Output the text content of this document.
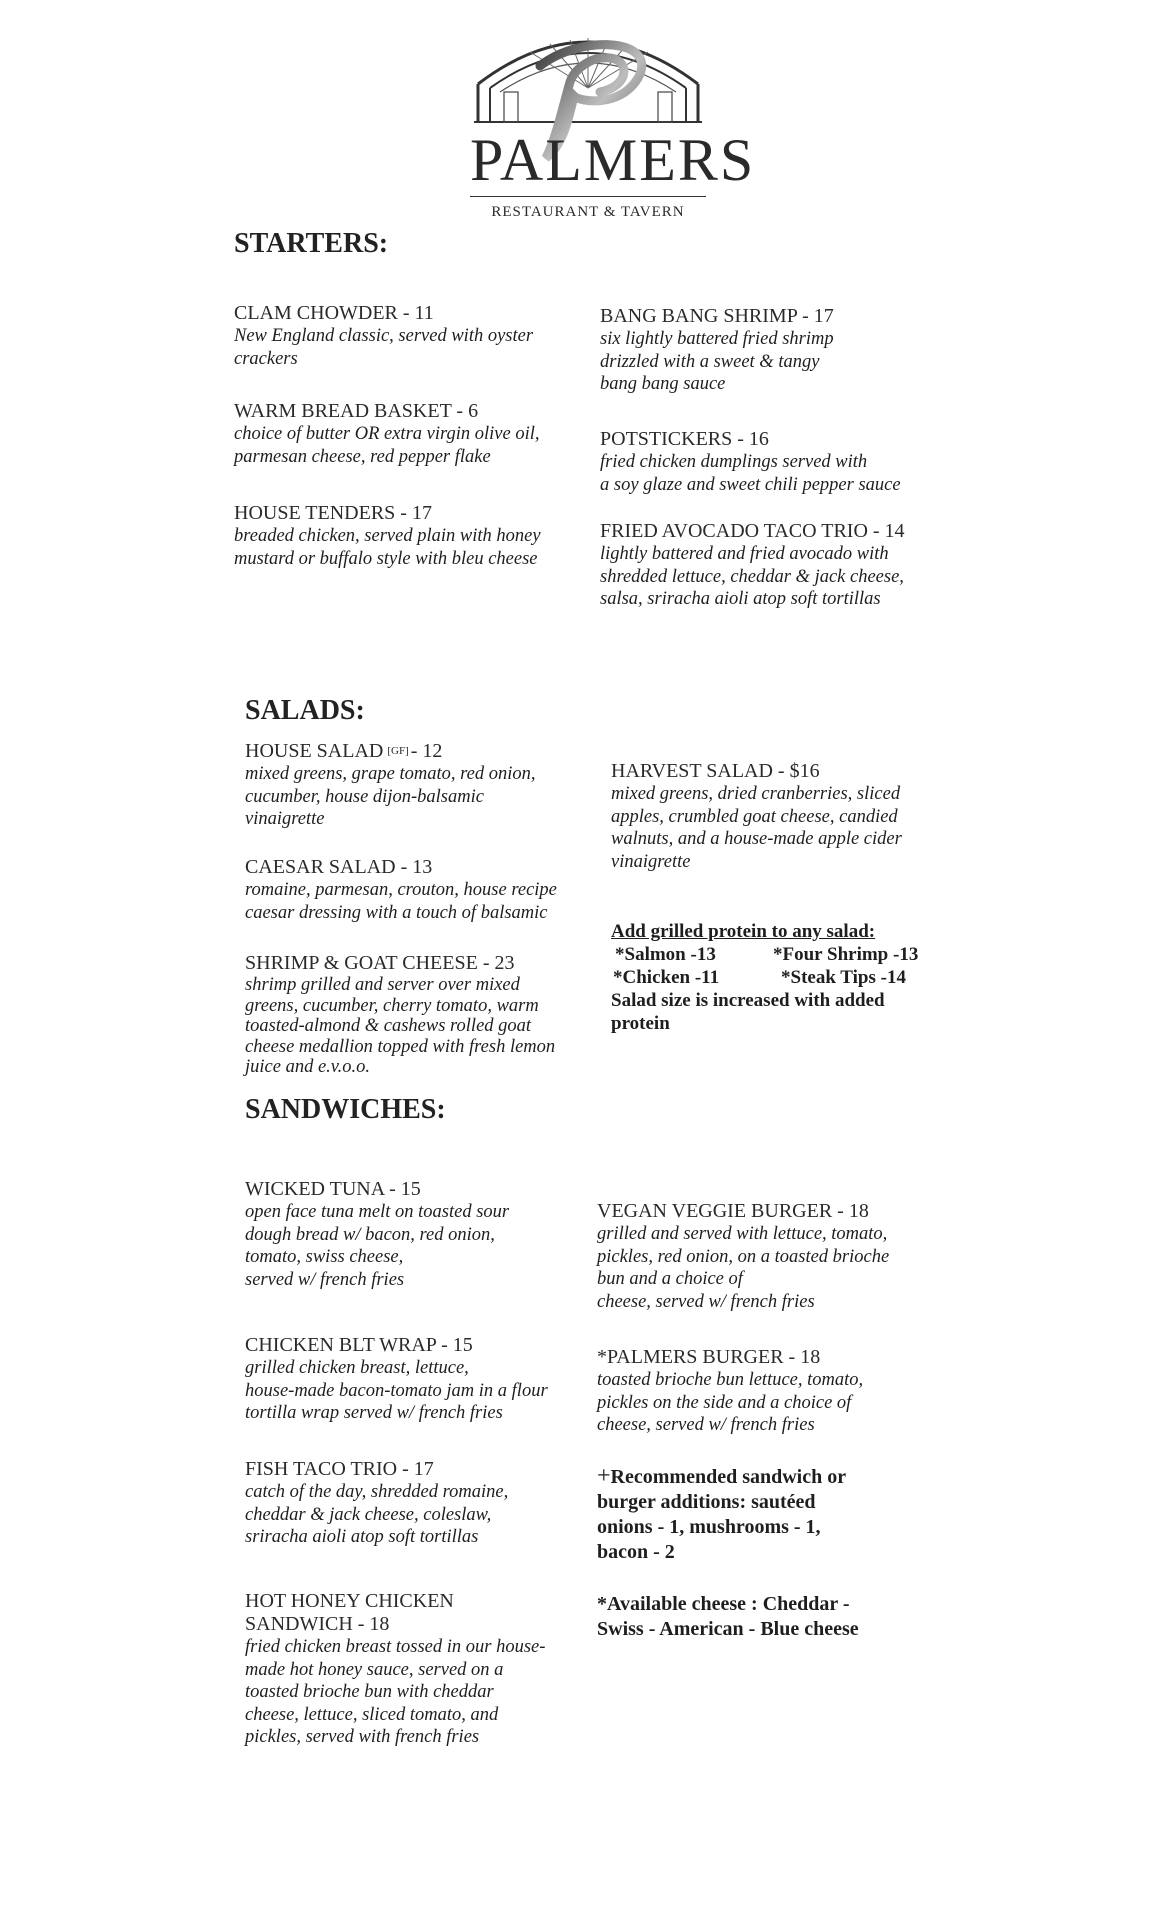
PALMERS
RESTAURANT & TAVERN
STARTERS:
CLAM CHOWDER - 11
New England classic, served with oyster
crackers
WARM BREAD BASKET - 6
choice of butter OR extra virgin olive oil,
parmesan cheese, red pepper flake
HOUSE TENDERS - 17
breaded chicken, served plain with honey
mustard or buffalo style with bleu cheese
BANG BANG SHRIMP - 17
six lightly battered fried shrimp
drizzled with a sweet & tangy
bang bang sauce
POTSTICKERS - 16
fried chicken dumplings served with
a soy glaze and sweet chili pepper sauce
FRIED AVOCADO TACO TRIO - 14
lightly battered and fried avocado with
shredded lettuce, cheddar & jack cheese,
salsa, sriracha aioli atop soft tortillas
SALADS:
HOUSE SALAD [GF] - 12
mixed greens, grape tomato, red onion,
cucumber, house dijon-balsamic
vinaigrette
CAESAR SALAD - 13
romaine, parmesan, crouton, house recipe
caesar dressing with a touch of balsamic
SHRIMP & GOAT CHEESE - 23
shrimp grilled and server over mixed
greens, cucumber, cherry tomato, warm
toasted-almond & cashews rolled goat
cheese medallion topped with fresh lemon
juice and e.v.o.o.
HARVEST SALAD - $16
mixed greens, dried cranberries, sliced
apples, crumbled goat cheese, candied
walnuts, and a house-made apple cider
vinaigrette
Add grilled protein to any salad:
*Salmon -13	*Four Shrimp -13
*Chicken -11	*Steak Tips -14
Salad size is increased with added
protein
SANDWICHES:
WICKED TUNA - 15
open face tuna melt on toasted sour
dough bread w/ bacon, red onion,
tomato, swiss cheese,
served w/ french fries
CHICKEN BLT WRAP - 15
grilled chicken breast, lettuce,
house-made bacon-tomato jam in a flour
tortilla wrap served w/ french fries
FISH TACO TRIO - 17
catch of the day, shredded romaine,
cheddar & jack cheese, coleslaw,
sriracha aioli atop soft tortillas
HOT HONEY CHICKEN
SANDWICH - 18
fried chicken breast tossed in our house-
made hot honey sauce, served on a
toasted brioche bun with cheddar
cheese, lettuce, sliced tomato, and
pickles, served with french fries
VEGAN VEGGIE BURGER - 18
grilled and served with lettuce, tomato,
pickles, red onion, on a toasted brioche
bun and a choice of
cheese, served w/ french fries
*PALMERS BURGER - 18
toasted brioche bun lettuce, tomato,
pickles on the side and a choice of
cheese, served w/ french fries
+Recommended sandwich or
burger additions: sautéed
onions - 1, mushrooms - 1,
bacon - 2
*Available cheese : Cheddar -
Swiss - American - Blue cheese
